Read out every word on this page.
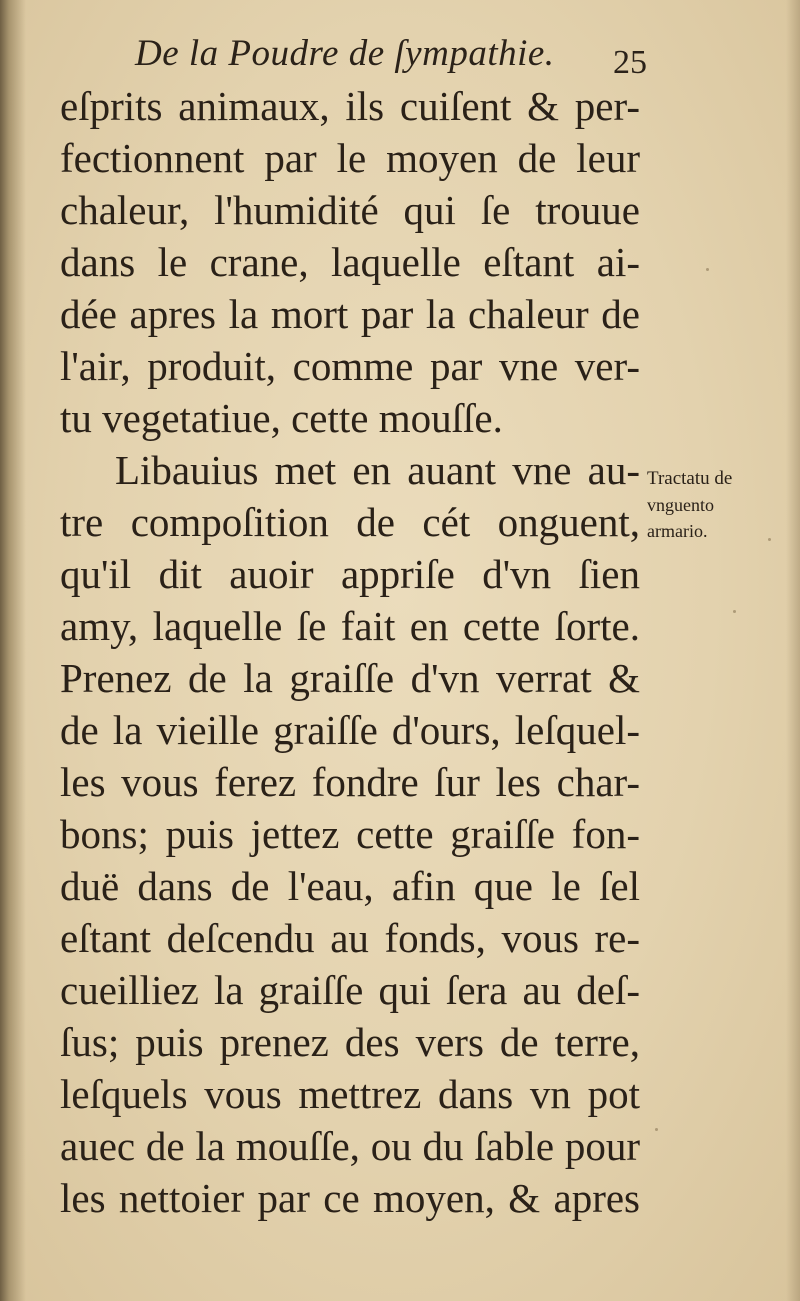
De la Poudre de ſympathie. 25
eſprits animaux, ils cuiſent & per-
fectionnent par le moyen de leur
chaleur, l'humidité qui ſe trouue
dans le crane, laquelle eſtant ai-
dée apres la mort par la chaleur de
l'air, produit, comme par vne ver-
tu vegetatiue, cette mouſſe.
Libauius met en auant vne au-
tre compoſition de cét onguent,
qu'il dit auoir appriſe d'vn ſien
amy, laquelle ſe fait en cette ſorte.
Prenez de la graiſſe d'vn verrat &
de la vieille graiſſe d'ours, leſquel-
les vous ferez fondre ſur les char-
bons; puis jettez cette graiſſe fon-
duë dans de l'eau, afin que le ſel
eſtant deſcendu au fonds, vous re-
cueilliez la graiſſe qui ſera au deſ-
ſus; puis prenez des vers de terre,
leſquels vous mettrez dans vn pot
auec de la mouſſe, ou du ſable pour
les nettoier par ce moyen, & apres
Tractatu de
vnguento
armario.
